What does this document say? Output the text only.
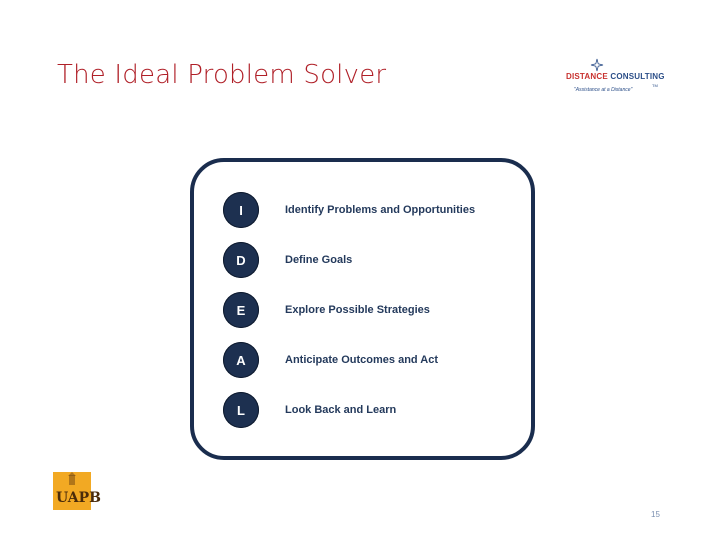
The Ideal Problem Solver	DISTANCE CONSULTING
"Assistance at a Distance"
TM
I	Identify Problems and Opportunities
D	Define Goals
E	Explore Possible Strategies
A	Anticipate Outcomes and Act
L	Look Back and Learn
UAPB
15
